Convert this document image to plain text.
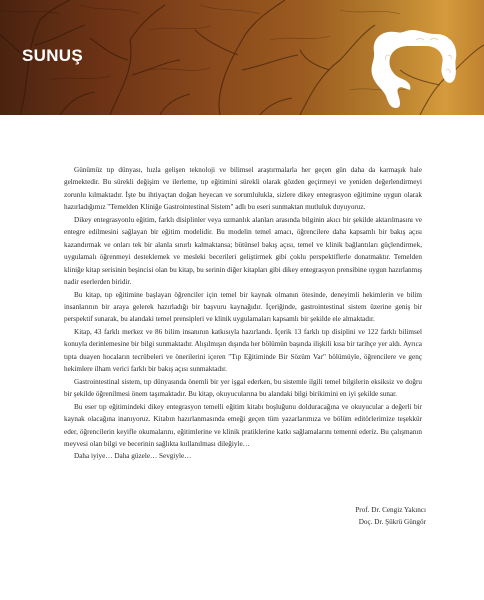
SUNUŞ

Günümüz tıp dünyası, hızla gelişen teknoloji ve bilimsel araştırmalarla her geçen gün daha da karmaşık hale gelmektedir. Bu sürekli değişim ve ilerleme, tıp eğitimini sürekli olarak gözden geçirmeyi ve yeniden değerlendirmeyi zorunlu kılmaktadır. İşte bu ihtiyaçtan doğan heyecan ve sorumlulukla, sizlere dikey entegrasyon eğitimine uygun olarak hazırladığımız "Temelden Kliniğe Gastrointestinal Sistem" adlı bu eseri sunmaktan mutluluk duyuyoruz.

Dikey entegrasyonlu eğitim, farklı disiplinler veya uzmanlık alanları arasında bilginin akıcı bir şekilde aktarılmasını ve entegre edilmesini sağlayan bir eğitim modelidir. Bu modelin temel amacı, öğrencilere daha kapsamlı bir bakış açısı kazandırmak ve onları tek bir alanla sınırlı kalmaktansa; bütünsel bakış açısı, temel ve klinik bağlantıları güçlendirmek, uygulamalı öğrenmeyi desteklemek ve mesleki becerileri geliştirmek gibi çoklu perspektiflerle donatmaktır. Temelden kliniğe kitap serisinin beşincisi olan bu kitap, bu serinin diğer kitapları gibi dikey entegrasyon prensibine uygun hazırlanmış nadir eserlerden biridir.

Bu kitap, tıp eğitimine başlayan öğrenciler için temel bir kaynak olmanın ötesinde, deneyimli hekimlerin ve bilim insanlarının bir araya gelerek hazırladığı bir başvuru kaynağıdır. İçeriğinde, gastrointestinal sistem üzerine geniş bir perspektif sunarak, bu alandaki temel prensipleri ve klinik uygulamaları kapsamlı bir şekilde ele almaktadır.

Kitap, 43 farklı merkez ve 86 bilim insanının katkısıyla hazırlandı. İçerik 13 farklı tıp disiplini ve 122 farklı bilimsel konuyla derinlemesine bir bilgi sunmaktadır. Alışılmışın dışında her bölümün başında ilişkili kısa bir tarihçe yer aldı. Ayrıca tıpta duayen hocaların tecrübeleri ve önerilerini içeren "Tıp Eğitiminde Bir Sözüm Var" bölümüyle, öğrencilere ve genç hekimlere ilham verici farklı bir bakış açısı sunmaktadır.

Gastrointestinal sistem, tıp dünyasında önemli bir yer işgal ederken, bu sistemle ilgili temel bilgilerin eksiksiz ve doğru bir şekilde öğrenilmesi önem taşımaktadır. Bu kitap, okuyucularına bu alandaki bilgi birikimini en iyi şekilde sunar.

Bu eser tıp eğitimindeki dikey entegrasyon temelli eğitim kitabı boşluğunu dolduracağına ve okuyucular a değerli bir kaynak olacağına inanıyoruz. Kitabın hazırlanmasında emeği geçen tüm yazarlarımıza ve bölüm editörlerimize teşekkür eder, öğrencilerin keyifle okumalarını, eğitimlerine ve klinik pratiklerine katkı sağlamalarını temenni ederiz. Bu çalışmanın meyvesi olan bilgi ve becerinin sağlıkta kullanılması dileğiyle…

Daha iyiye… Daha güzele… Sevgiyle…

Prof. Dr. Cengiz Yakıncı
Doç. Dr. Şükrü Güngör
